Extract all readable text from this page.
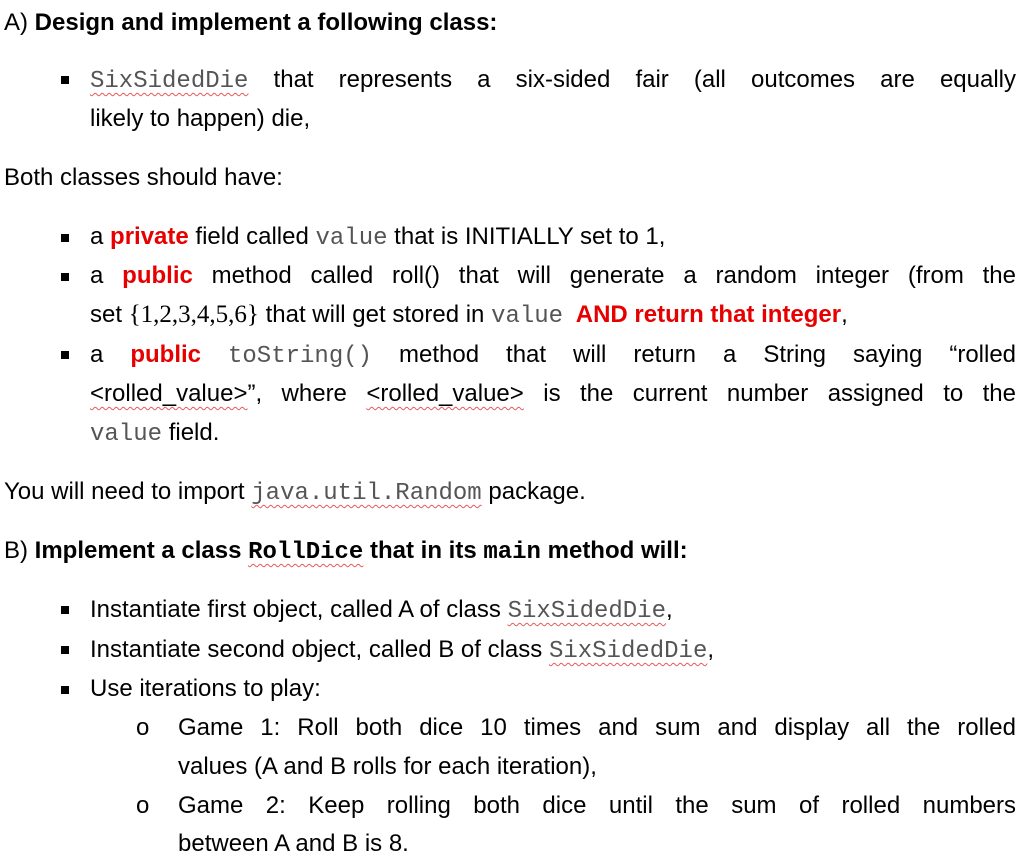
A) Design and implement a following class:
SixSidedDie that represents a six-sided fair (all outcomes are equally
likely to happen) die,
Both classes should have:
a private field called value that is INITIALLY set to 1,
a public method called roll() that will generate a random integer (from the
set {1,2,3,4,5,6} that will get stored in value AND return that integer,
a public toString() method that will return a String saying “rolled
<rolled_value>”, where <rolled_value> is the current number assigned to the
value field.
You will need to import java.util.Random package.
B) Implement a class RollDice that in its main method will:
Instantiate first object, called A of class SixSidedDie,
Instantiate second object, called B of class SixSidedDie,
Use iterations to play:
o Game 1: Roll both dice 10 times and sum and display all the rolled
values (A and B rolls for each iteration),
o Game 2: Keep rolling both dice until the sum of rolled numbers
between A and B is 8.
